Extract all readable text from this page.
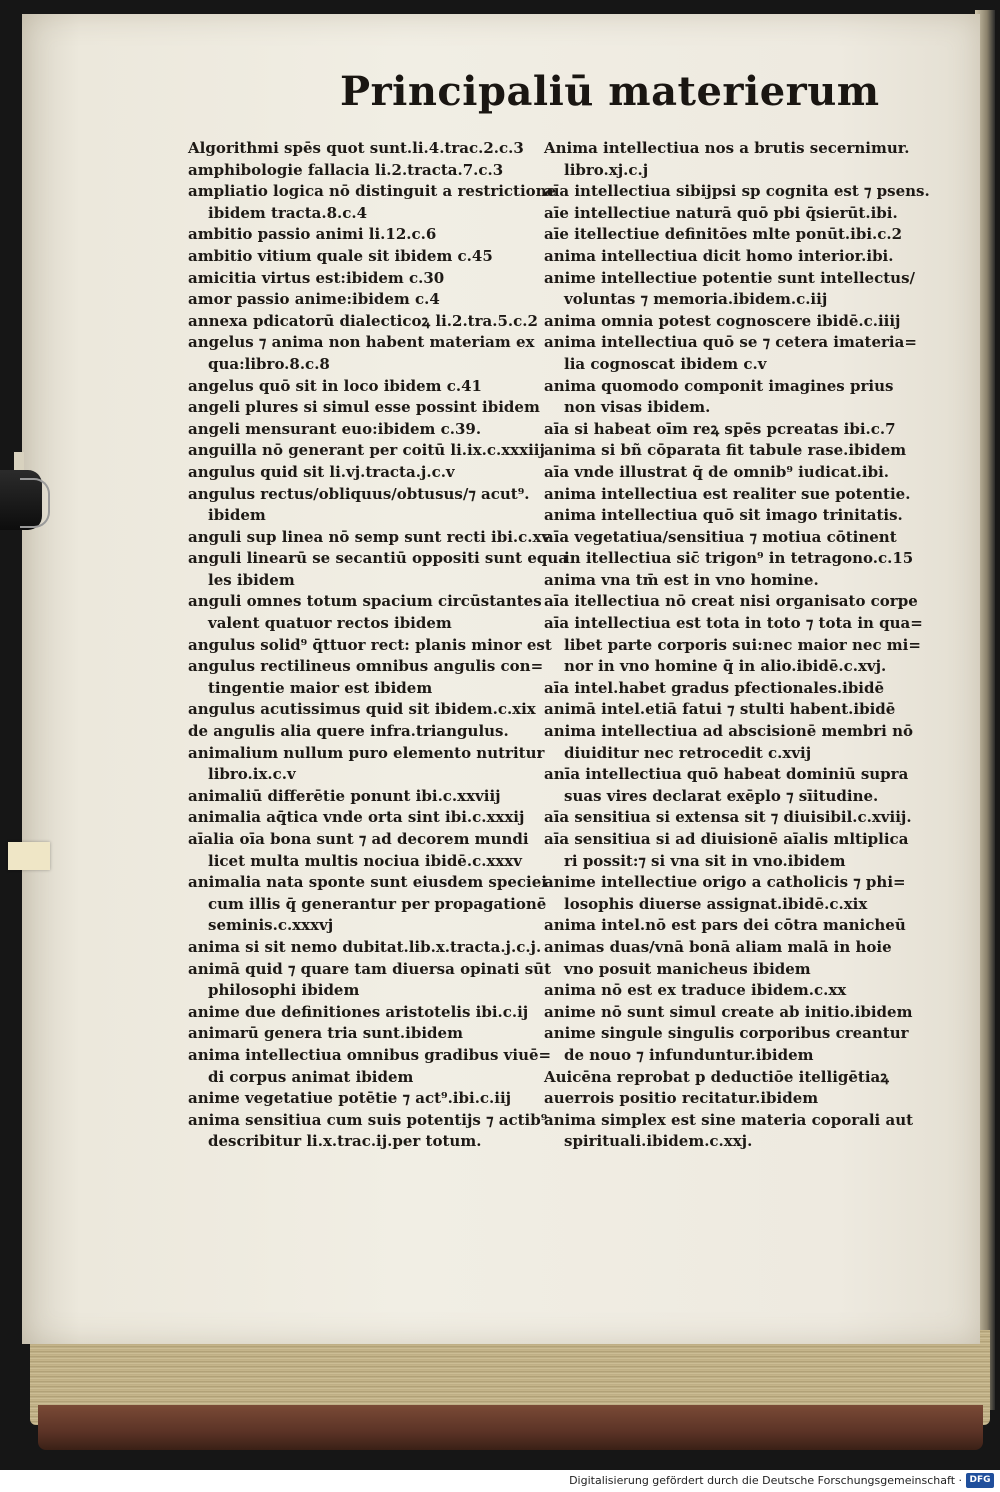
Principaliū materierum
Algorithmi spēs quot sunt.li.4.trac.2.c.3
amphibologie fallacia li.2.tracta.7.c.3
ampliatio logica nō distinguit a restrictione
ibidem tracta.8.c.4
ambitio passio animi li.12.c.6
ambitio vitium quale sit ibidem c.45
amicitia virtus est:ibidem c.30
amor passio anime:ibidem c.4
annexa pdicatorū dialecticoꝝ li.2.tra.5.c.2
angelus ⁊ anima non habent materiam ex
qua:libro.8.c.8
angelus quō sit in loco ibidem c.41
angeli plures si simul esse possint ibidem
angeli mensurant euo:ibidem c.39.
anguilla nō generant per coitū li.ix.c.xxxiij
angulus quid sit li.vj.tracta.j.c.v
angulus rectus/obliquus/obtusus/⁊ acut⁹.
ibidem
anguli sup linea nō semp sunt recti ibi.c.xv
anguli linearū se secantiū oppositi sunt equa
les ibidem
anguli omnes totum spacium circūstantes
valent quatuor rectos ibidem
angulus solid⁹ q̄ttuor rect: planis minor est
angulus rectilineus omnibus angulis con=
tingentie maior est ibidem
angulus acutissimus quid sit ibidem.c.xix
de angulis alia quere infra.triangulus.
animalium nullum puro elemento nutritur
libro.ix.c.v
animaliū differētie ponunt ibi.c.xxviij
animalia aq̄tica vnde orta sint ibi.c.xxxij
aīalia oīa bona sunt ⁊ ad decorem mundi
licet multa multis nociua ibidē.c.xxxv
animalia nata sponte sunt eiusdem speciei
cum illis q̄ generantur per propagationē
seminis.c.xxxvj
anima si sit nemo dubitat.lib.x.tracta.j.c.j.
animā quid ⁊ quare tam diuersa opinati sūt
philosophi ibidem
anime due definitiones aristotelis ibi.c.ij
animarū genera tria sunt.ibidem
anima intellectiua omnibus gradibus viuē=
di corpus animat ibidem
anime vegetatiue potētie ⁊ act⁹.ibi.c.iij
anima sensitiua cum suis potentijs ⁊ actib⁹
describitur li.x.trac.ij.per totum.
Anima intellectiua nos a brutis secernimur.
libro.xj.c.j
aīa intellectiua sibijpsi sp cognita est ⁊ psens.
aīe intellectiue naturā quō pbi q̄sierūt.ibi.
aīe itellectiue definitōes mlte ponūt.ibi.c.2
anima intellectiua dicit homo interior.ibi.
anime intellectiue potentie sunt intellectus/
voluntas ⁊ memoria.ibidem.c.iij
anima omnia potest cognoscere ibidē.c.iiij
anima intellectiua quō se ⁊ cetera imateria=
lia cognoscat ibidem c.v
anima quomodo componit imagines prius
non visas ibidem.
aīa si habeat oīm reꝝ spēs pcreatas ibi.c.7
anima si bñ cōparata fit tabule rase.ibidem
aīa vnde illustrat q̄ de omnib⁹ iudicat.ibi.
anima intellectiua est realiter sue potentie.
anima intellectiua quō sit imago trinitatis.
aīa vegetatiua/sensitiua ⁊ motiua cōtinent
in itellectiua sic̄ trigon⁹ in tetragono.c.15
anima vna tm̄ est in vno homine.
aīa itellectiua nō creat nisi organisato corpe
aīa intellectiua est tota in toto ⁊ tota in qua=
libet parte corporis sui:nec maior nec mi=
nor in vno homine q̄ in alio.ibidē.c.xvj.
aīa intel.habet gradus pfectionales.ibidē
animā intel.etiā fatui ⁊ stulti habent.ibidē
anima intellectiua ad abscisionē membri nō
diuiditur nec retrocedit c.xvij
anīa intellectiua quō habeat dominiū supra
suas vires declarat exēplo ⁊ sīitudine.
aīa sensitiua si extensa sit ⁊ diuisibil.c.xviij.
aīa sensitiua si ad diuisionē aīalis mltiplica
ri possit:⁊ si vna sit in vno.ibidem
anime intellectiue origo a catholicis ⁊ phi=
losophis diuerse assignat.ibidē.c.xix
anima intel.nō est pars dei cōtra manicheū
animas duas/vnā bonā aliam malā in hoie
vno posuit manicheus ibidem
anima nō est ex traduce ibidem.c.xx
anime nō sunt simul create ab initio.ibidem
anime singule singulis corporibus creantur
de nouo ⁊ infunduntur.ibidem
Auicēna reprobat p deductiōe itelligētiaꝝ
auerrois positio recitatur.ibidem
anima simplex est sine materia coporali aut
spirituali.ibidem.c.xxj.
Digitalisierung gefördert durch die Deutsche Forschungsgemeinschaft · DFG
